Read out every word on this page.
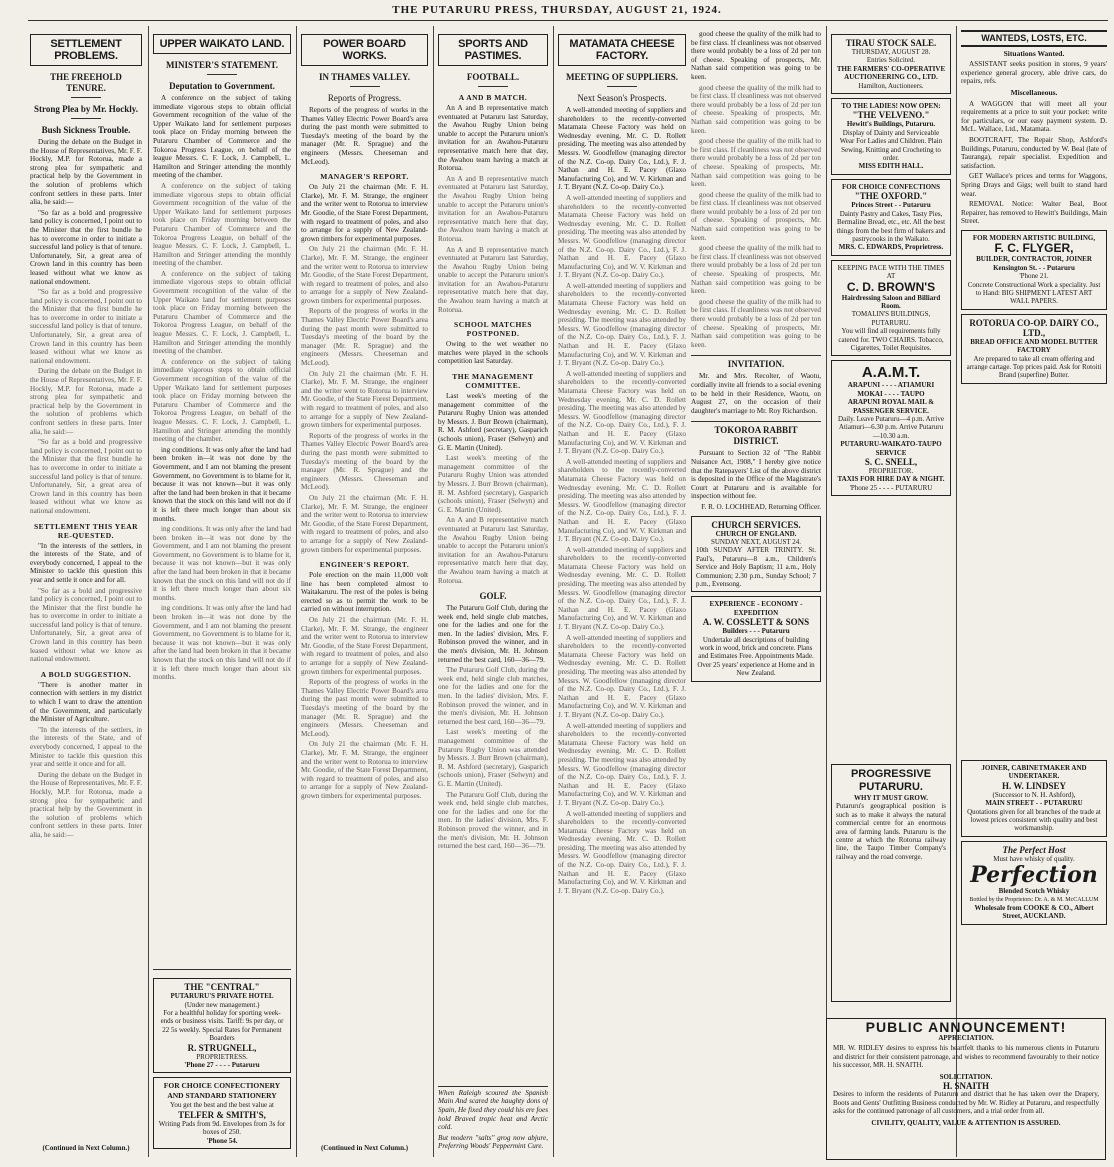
THE PUTARURU PRESS, THURSDAY, AUGUST 21, 1924.
SETTLEMENT PROBLEMS.
THE FREEHOLD TENURE.
Strong Plea by Mr. Hockly.
Bush Sickness Trouble.

During the debate on the Budget in the House of Representatives, Mr. F. F. Hockly, M.P. for Rotorua, made a strong plea for sympathetic and practical help by the Government in the solution of problems which confront settlers in these parts. Inter alia, he said:—

"So far as a bold and progressive land policy is concerned, I point out to the Minister that the first bundle he has to overcome in order to initiate a successful land policy is that of tenure. Unfortunately, Sir, a great area of Crown land in this country has been leased without what we know as national endowment.

"So far as a bold and progressive land policy is concerned, I point out to the Minister that the first bundle he has to overcome in order to initiate a successful land policy is that of tenure. Unfortunately, Sir, a great area of Crown land in this country has been leased without what we know as national endowment.

During the debate on the Budget in the House of Representatives, Mr. F. F. Hockly, M.P. for Rotorua, made a strong plea for sympathetic and practical help by the Government in the solution of problems which confront settlers in these parts. Inter alia, he said:—

"So far as a bold and progressive land policy is concerned, I point out to the Minister that the first bundle he has to overcome in order to initiate a successful land policy is that of tenure. Unfortunately, Sir, a great area of Crown land in this country has been leased without what we know as national endowment.

SETTLEMENT THIS YEAR RE-QUESTED.

"In the interests of the settlers, in the interests of the State, and of everybody concerned, I appeal to the Minister to tackle this question this year and settle it once and for all.

"So far as a bold and progressive land policy is concerned, I point out to the Minister that the first bundle he has to overcome in order to initiate a successful land policy is that of tenure. Unfortunately, Sir, a great area of Crown land in this country has been leased without what we know as national endowment.

A BOLD SUGGESTION.

"There is another matter in connection with settlers in my district to which I want to draw the attention of the Government, and particularly the Minister of Agriculture.

"In the interests of the settlers, in the interests of the State, and of everybody concerned, I appeal to the Minister to tackle this question this year and settle it once and for all.

During the debate on the Budget in the House of Representatives, Mr. F. F. Hockly, M.P. for Rotorua, made a strong plea for sympathetic and practical help by the Government in the solution of problems which confront settlers in these parts. Inter alia, he said:—

(Continued in Next Column.)
UPPER WAIKATO LAND.
MINISTER'S STATEMENT.
Deputation to Government.

A conference on the subject of taking immediate vigorous steps to obtain official Government recognition of the value of the Upper Waikato land for settlement purposes took place on Friday morning between the Putaruru Chamber of Commerce and the Tokoroa Progress League, on behalf of the league Messrs. C. F. Lock, J. Campbell, L. Hamilton and Stringer attending the monthly meeting of the chamber.

A conference on the subject of taking immediate vigorous steps to obtain official Government recognition of the value of the Upper Waikato land for settlement purposes took place on Friday morning between the Putaruru Chamber of Commerce and the Tokoroa Progress League, on behalf of the league Messrs. C. F. Lock, J. Campbell, L. Hamilton and Stringer attending the monthly meeting of the chamber.

A conference on the subject of taking immediate vigorous steps to obtain official Government recognition of the value of the Upper Waikato land for settlement purposes took place on Friday morning between the Putaruru Chamber of Commerce and the Tokoroa Progress League, on behalf of the league Messrs. C. F. Lock, J. Campbell, L. Hamilton and Stringer attending the monthly meeting of the chamber.

A conference on the subject of taking immediate vigorous steps to obtain official Government recognition of the value of the Upper Waikato land for settlement purposes took place on Friday morning between the Putaruru Chamber of Commerce and the Tokoroa Progress League, on behalf of the league Messrs. C. F. Lock, J. Campbell, L. Hamilton and Stringer attending the monthly meeting of the chamber.

ing conditions. It was only after the land had been broken in—it was not done by the Government, and I am not blaming the present Government, no Government is to blame for it, because it was not known—but it was only after the land had been broken in that it became known that the stock on this land will not do if it is left there much longer than about six months.

ing conditions. It was only after the land had been broken in—it was not done by the Government, and I am not blaming the present Government, no Government is to blame for it, because it was not known—but it was only after the land had been broken in that it became known that the stock on this land will not do if it is left there much longer than about six months.

ing conditions. It was only after the land had been broken in—it was not done by the Government, and I am not blaming the present Government, no Government is to blame for it, because it was not known—but it was only after the land had been broken in that it became known that the stock on this land will not do if it is left there much longer than about six months.

THE "CENTRAL"
PUTARURU'S PRIVATE HOTEL
(Under new management.)
For a healthful holiday for sporting week-ends or business visits. Tariff: 9s per day, or 22 5s weekly. Special Rates for Permanent Boarders
R. STRUGNELL,
PROPRIETRESS.
'Phone 27 - - - - Putaruru
FOR CHOICE CONFECTIONERY AND STANDARD STATIONERY
You get the best and the best value at
TELFER & SMITH'S,
Writing Pads from 9d. Envelopes from 3s for boxes of 250.
'Phone 54.
POWER BOARD WORKS.
IN THAMES VALLEY.
Reports of Progress.

Reports of the progress of works in the Thames Valley Electric Power Board's area during the past month were submitted to Tuesday's meeting of the board by the manager (Mr. R. Sprague) and the engineers (Messrs. Cheeseman and McLeod).

MANAGER'S REPORT.

On July 21 the chairman (Mr. F. H. Clarke), Mr. F. M. Strange, the engineer and the writer went to Rotorua to interview Mr. Goodie, of the State Forest Department, with regard to treatment of poles, and also to arrange for a supply of New Zealand-grown timbers for experimental purposes.

On July 21 the chairman (Mr. F. H. Clarke), Mr. F. M. Strange, the engineer and the writer went to Rotorua to interview Mr. Goodie, of the State Forest Department, with regard to treatment of poles, and also to arrange for a supply of New Zealand-grown timbers for experimental purposes.

Reports of the progress of works in the Thames Valley Electric Power Board's area during the past month were submitted to Tuesday's meeting of the board by the manager (Mr. R. Sprague) and the engineers (Messrs. Cheeseman and McLeod).

On July 21 the chairman (Mr. F. H. Clarke), Mr. F. M. Strange, the engineer and the writer went to Rotorua to interview Mr. Goodie, of the State Forest Department, with regard to treatment of poles, and also to arrange for a supply of New Zealand-grown timbers for experimental purposes.

Reports of the progress of works in the Thames Valley Electric Power Board's area during the past month were submitted to Tuesday's meeting of the board by the manager (Mr. R. Sprague) and the engineers (Messrs. Cheeseman and McLeod).

On July 21 the chairman (Mr. F. H. Clarke), Mr. F. M. Strange, the engineer and the writer went to Rotorua to interview Mr. Goodie, of the State Forest Department, with regard to treatment of poles, and also to arrange for a supply of New Zealand-grown timbers for experimental purposes.

ENGINEER'S REPORT.

Pole erection on the main 11,000 volt line has been completed almost to Waitakaruru. The rest of the poles is being erected so as to permit the work to be carried on without interruption.

On July 21 the chairman (Mr. F. H. Clarke), Mr. F. M. Strange, the engineer and the writer went to Rotorua to interview Mr. Goodie, of the State Forest Department, with regard to treatment of poles, and also to arrange for a supply of New Zealand-grown timbers for experimental purposes.

Reports of the progress of works in the Thames Valley Electric Power Board's area during the past month were submitted to Tuesday's meeting of the board by the manager (Mr. R. Sprague) and the engineers (Messrs. Cheeseman and McLeod).

On July 21 the chairman (Mr. F. H. Clarke), Mr. F. M. Strange, the engineer and the writer went to Rotorua to interview Mr. Goodie, of the State Forest Department, with regard to treatment of poles, and also to arrange for a supply of New Zealand-grown timbers for experimental purposes.

(Continued in Next Column.)
SPORTS AND PASTIMES.
FOOTBALL.
A AND B MATCH.

An A and B representative match eventuated at Putaruru last Saturday, the Awahou Rugby Union being unable to accept the Putaruru union's invitation for an Awahou-Putaruru representative match here that day, the Awahou team having a match at Rotorua.

An A and B representative match eventuated at Putaruru last Saturday, the Awahou Rugby Union being unable to accept the Putaruru union's invitation for an Awahou-Putaruru representative match here that day, the Awahou team having a match at Rotorua.

An A and B representative match eventuated at Putaruru last Saturday, the Awahou Rugby Union being unable to accept the Putaruru union's invitation for an Awahou-Putaruru representative match here that day, the Awahou team having a match at Rotorua.

SCHOOL MATCHES POSTPONED.

Owing to the wet weather no matches were played in the schools competition last Saturday.

THE MANAGEMENT COMMITTEE.

Last week's meeting of the management committee of the Putaruru Rugby Union was attended by Messrs. J. Burr Brown (chairman), R. M. Ashford (secretary), Gasparich (schools union), Fraser (Selwyn) and G. E. Martin (United).

Last week's meeting of the management committee of the Putaruru Rugby Union was attended by Messrs. J. Burr Brown (chairman), R. M. Ashford (secretary), Gasparich (schools union), Fraser (Selwyn) and G. E. Martin (United).

An A and B representative match eventuated at Putaruru last Saturday, the Awahou Rugby Union being unable to accept the Putaruru union's invitation for an Awahou-Putaruru representative match here that day, the Awahou team having a match at Rotorua.

GOLF.

The Putaruru Golf Club, during the week end, held single club matches, one for the ladies and one for the men. In the ladies' division, Mrs. F. Robinson proved the winner, and in the men's division, Mr. H. Johnson returned the best card, 160—36—79.

The Putaruru Golf Club, during the week end, held single club matches, one for the ladies and one for the men. In the ladies' division, Mrs. F. Robinson proved the winner, and in the men's division, Mr. H. Johnson returned the best card, 160—36—79.

Last week's meeting of the management committee of the Putaruru Rugby Union was attended by Messrs. J. Burr Brown (chairman), R. M. Ashford (secretary), Gasparich (schools union), Fraser (Selwyn) and G. E. Martin (United).

The Putaruru Golf Club, during the week end, held single club matches, one for the ladies and one for the men. In the ladies' division, Mrs. F. Robinson proved the winner, and in the men's division, Mr. H. Johnson returned the best card, 160—36—79.

When Raleigh scoured the Spanish Main And scared the haughty dons of Spain, He fixed they could his ere foes hold Braved tropic heat and Arctic cold.

But modern "salts" grog now abjure, Preferring Woods' Peppermint Cure.

MATAMATA CHEESE FACTORY.
MEETING OF SUPPLIERS.
Next Season's Prospects.

A well-attended meeting of suppliers and shareholders to the recently-converted Matamata Cheese Factory was held on Wednesday evening, Mr. C. D. Rollett presiding. The meeting was also attended by Messrs. W. Goodfellow (managing director of the N.Z. Co-op. Dairy Co., Ltd.), F. J. Nathan and H. E. Pacey (Glaxo Manufacturing Co), and W. V. Kirkman and J. T. Bryant (N.Z. Co-op. Dairy Co.).

A well-attended meeting of suppliers and shareholders to the recently-converted Matamata Cheese Factory was held on Wednesday evening, Mr. C. D. Rollett presiding. The meeting was also attended by Messrs. W. Goodfellow (managing director of the N.Z. Co-op. Dairy Co., Ltd.), F. J. Nathan and H. E. Pacey (Glaxo Manufacturing Co), and W. V. Kirkman and J. T. Bryant (N.Z. Co-op. Dairy Co.).

A well-attended meeting of suppliers and shareholders to the recently-converted Matamata Cheese Factory was held on Wednesday evening, Mr. C. D. Rollett presiding. The meeting was also attended by Messrs. W. Goodfellow (managing director of the N.Z. Co-op. Dairy Co., Ltd.), F. J. Nathan and H. E. Pacey (Glaxo Manufacturing Co), and W. V. Kirkman and J. T. Bryant (N.Z. Co-op. Dairy Co.).

A well-attended meeting of suppliers and shareholders to the recently-converted Matamata Cheese Factory was held on Wednesday evening, Mr. C. D. Rollett presiding. The meeting was also attended by Messrs. W. Goodfellow (managing director of the N.Z. Co-op. Dairy Co., Ltd.), F. J. Nathan and H. E. Pacey (Glaxo Manufacturing Co), and W. V. Kirkman and J. T. Bryant (N.Z. Co-op. Dairy Co.).

A well-attended meeting of suppliers and shareholders to the recently-converted Matamata Cheese Factory was held on Wednesday evening, Mr. C. D. Rollett presiding. The meeting was also attended by Messrs. W. Goodfellow (managing director of the N.Z. Co-op. Dairy Co., Ltd.), F. J. Nathan and H. E. Pacey (Glaxo Manufacturing Co), and W. V. Kirkman and J. T. Bryant (N.Z. Co-op. Dairy Co.).

A well-attended meeting of suppliers and shareholders to the recently-converted Matamata Cheese Factory was held on Wednesday evening, Mr. C. D. Rollett presiding. The meeting was also attended by Messrs. W. Goodfellow (managing director of the N.Z. Co-op. Dairy Co., Ltd.), F. J. Nathan and H. E. Pacey (Glaxo Manufacturing Co), and W. V. Kirkman and J. T. Bryant (N.Z. Co-op. Dairy Co.).

A well-attended meeting of suppliers and shareholders to the recently-converted Matamata Cheese Factory was held on Wednesday evening, Mr. C. D. Rollett presiding. The meeting was also attended by Messrs. W. Goodfellow (managing director of the N.Z. Co-op. Dairy Co., Ltd.), F. J. Nathan and H. E. Pacey (Glaxo Manufacturing Co), and W. V. Kirkman and J. T. Bryant (N.Z. Co-op. Dairy Co.).

A well-attended meeting of suppliers and shareholders to the recently-converted Matamata Cheese Factory was held on Wednesday evening, Mr. C. D. Rollett presiding. The meeting was also attended by Messrs. W. Goodfellow (managing director of the N.Z. Co-op. Dairy Co., Ltd.), F. J. Nathan and H. E. Pacey (Glaxo Manufacturing Co), and W. V. Kirkman and J. T. Bryant (N.Z. Co-op. Dairy Co.).

A well-attended meeting of suppliers and shareholders to the recently-converted Matamata Cheese Factory was held on Wednesday evening, Mr. C. D. Rollett presiding. The meeting was also attended by Messrs. W. Goodfellow (managing director of the N.Z. Co-op. Dairy Co., Ltd.), F. J. Nathan and H. E. Pacey (Glaxo Manufacturing Co), and W. V. Kirkman and J. T. Bryant (N.Z. Co-op. Dairy Co.).

good cheese the quality of the milk had to be first class. If cleanliness was not observed there would probably be a loss of 2d per ton of cheese. Speaking of prospects, Mr. Nathan said competition was going to be keen.

good cheese the quality of the milk had to be first class. If cleanliness was not observed there would probably be a loss of 2d per ton of cheese. Speaking of prospects, Mr. Nathan said competition was going to be keen.

good cheese the quality of the milk had to be first class. If cleanliness was not observed there would probably be a loss of 2d per ton of cheese. Speaking of prospects, Mr. Nathan said competition was going to be keen.

good cheese the quality of the milk had to be first class. If cleanliness was not observed there would probably be a loss of 2d per ton of cheese. Speaking of prospects, Mr. Nathan said competition was going to be keen.

good cheese the quality of the milk had to be first class. If cleanliness was not observed there would probably be a loss of 2d per ton of cheese. Speaking of prospects, Mr. Nathan said competition was going to be keen.

good cheese the quality of the milk had to be first class. If cleanliness was not observed there would probably be a loss of 2d per ton of cheese. Speaking of prospects, Mr. Nathan said competition was going to be keen.

INVITATION.

Mr. and Mrs. Recolter, of Waotu, cordially invite all friends to a social evening to be held in their Residence, Waotu, on August 27, on the occasion of their daughter's marriage to Mr. Roy Richardson.

TOKOROA RABBIT DISTRICT.

Pursuant to Section 32 of "The Rabbit Nuisance Act, 1908," I hereby give notice that the Ratepayers' List of the above district is deposited in the Office of the Magistrate's Court at Putaruru and is available for inspection without fee.

F. R. O. LOCHHEAD, Returning Officer.

CHURCH SERVICES.
CHURCH OF ENGLAND.
SUNDAY NEXT, AUGUST 24.
10th SUNDAY AFTER TRINITY. St. Paul's, Putaruru—8 a.m., Children's Service and Holy Baptism; 11 a.m., Holy Communion; 2.30 p.m., Sunday School; 7 p.m., Evensong.
EXPERIENCE - ECONOMY - EXPEDITION
A. W. COSSLETT & SONS
Builders - - - Putaruru
Undertake all descriptions of building work in wood, brick and concrete. Plans and Estimates Free. Appointments Made. Over 25 years' experience at Home and in New Zealand.
TIRAU STOCK SALE.
THURSDAY, AUGUST 28.
Entries Solicited.
THE FARMERS' CO-OPERATIVE AUCTIONEERING CO., LTD.
Hamilton, Auctioneers.
TO THE LADIES! NOW OPEN:
"THE VELVENO."
Hewitt's Buildings, Putaruru.
Display of Dainty and Serviceable Wear For Ladies and Children. Plain Sewing, Knitting and Crocheting to order.
MISS EDITH HALL.
FOR CHOICE CONFECTIONS
"THE OXFORD."
Princes Street - - Putaruru
Dainty Pastry and Cakes, Tasty Pies, Bermaline Bread, etc., etc. All the best things from the best firm of bakers and pastrycooks in the Waikato.
MRS. C. EDWARDS, Proprietress.
KEEPING PACE WITH THE TIMES AT
C. D. BROWN'S
Hairdressing Saloon and Billiard Room.
TOMALIN'S BUILDINGS, PUTARURU.
You will find all requirements fully catered for. TWO CHAIRS. Tobacco, Cigarettes, Toilet Requisites.
A.A.M.T.
ARAPUNI - - - - ATIAMURI MOKAI - - - - TAUPO
ARAPUNI ROYAL MAIL & PASSENGER SERVICE.
Daily. Leave Putaruru—4 p.m. Arrive Atiamuri—6.30 p.m. Arrive Putaruru—10.30 a.m.
PUTARURU-WAIKATO-TAUPO SERVICE
S. C. SNELL,
PROPRIETOR.
TAXIS FOR HIRE DAY & NIGHT.
'Phone 25 - - - - PUTARURU
WANTEDS, LOSTS, ETC.
Situations Wanted.

ASSISTANT seeks position in stores, 9 years' experience general grocery, able drive cars, do repairs, refs.

Miscellaneous.

A WAGGON that will meet all your requirements at a price to suit your pocket: write for particulars, or our easy payment system. D. McL. Wallace, Ltd., Matamata.

BOOTCRAFT, The Repair Shop, Ashford's Buildings, Putaruru, conducted by W. Beal (late of Tauranga), repair specialist. Expedition and satisfaction.

GET Wallace's prices and terms for Waggons, Spring Drays and Gigs; well built to stand hard wear.

REMOVAL Notice: Walter Beal, Boot Repairer, has removed to Hewitt's Buildings, Main Street.

FOR MODERN ARTISTIC BUILDING,
F. C. FLYGER,
BUILDER, CONTRACTOR, JOINER
Kensington St. - - Putaruru
'Phone 21.
Concrete Constructional Work a speciality. Just to Hand: BIG SHIPMENT LATEST ART WALL PAPERS.
ROTORUA CO-OP. DAIRY CO., LTD.,
BREAD OFFICE AND MODEL BUTTER FACTORY
Are prepared to take all cream offering and arrange cartage. Top prices paid. Ask for Rotoiti Brand (superfine) Butter.
PROGRESSIVE PUTARURU.
WHY IT MUST GROW.
Putaruru's geographical position is such as to make it always the natural commercial centre for an enormous area of farming lands. Putaruru is the centre at which the Rotorua railway line, the Taupo Timber Company's railway and the road converge.
JOINER, CABINETMAKER AND UNDERTAKER.
H. W. LINDSEY
(Successor to N. H. Ashford),
MAIN STREET - - PUTARURU
Quotations given for all branches of the trade at lowest prices consistent with quality and best workmanship.
The Perfect Host
Must have whisky of quality.
Perfection
Blended Scotch Whisky
Bottled by the Proprietors: Dr. A. & M. McCALLUM
Wholesale from COOKE & CO., Albert Street, AUCKLAND.
PUBLIC ANNOUNCEMENT!
APPRECIATION.
MR. W. RIDLEY desires to express his heartfelt thanks to his numerous clients in Putaruru and district for their consistent patronage, and wishes to recommend favourably to their notice his successor, MR. H. SNAITH.
SOLICITATION.
H. SNAITH
Desires to inform the residents of Putaruru and district that he has taken over the Drapery, Boots and Gents' Outfitting Business conducted by Mr. W. Ridley at Putaruru, and respectfully asks for the continued patronage of all customers, and a trial order from all.
CIVILITY, QUALITY, VALUE & ATTENTION IS ASSURED.
